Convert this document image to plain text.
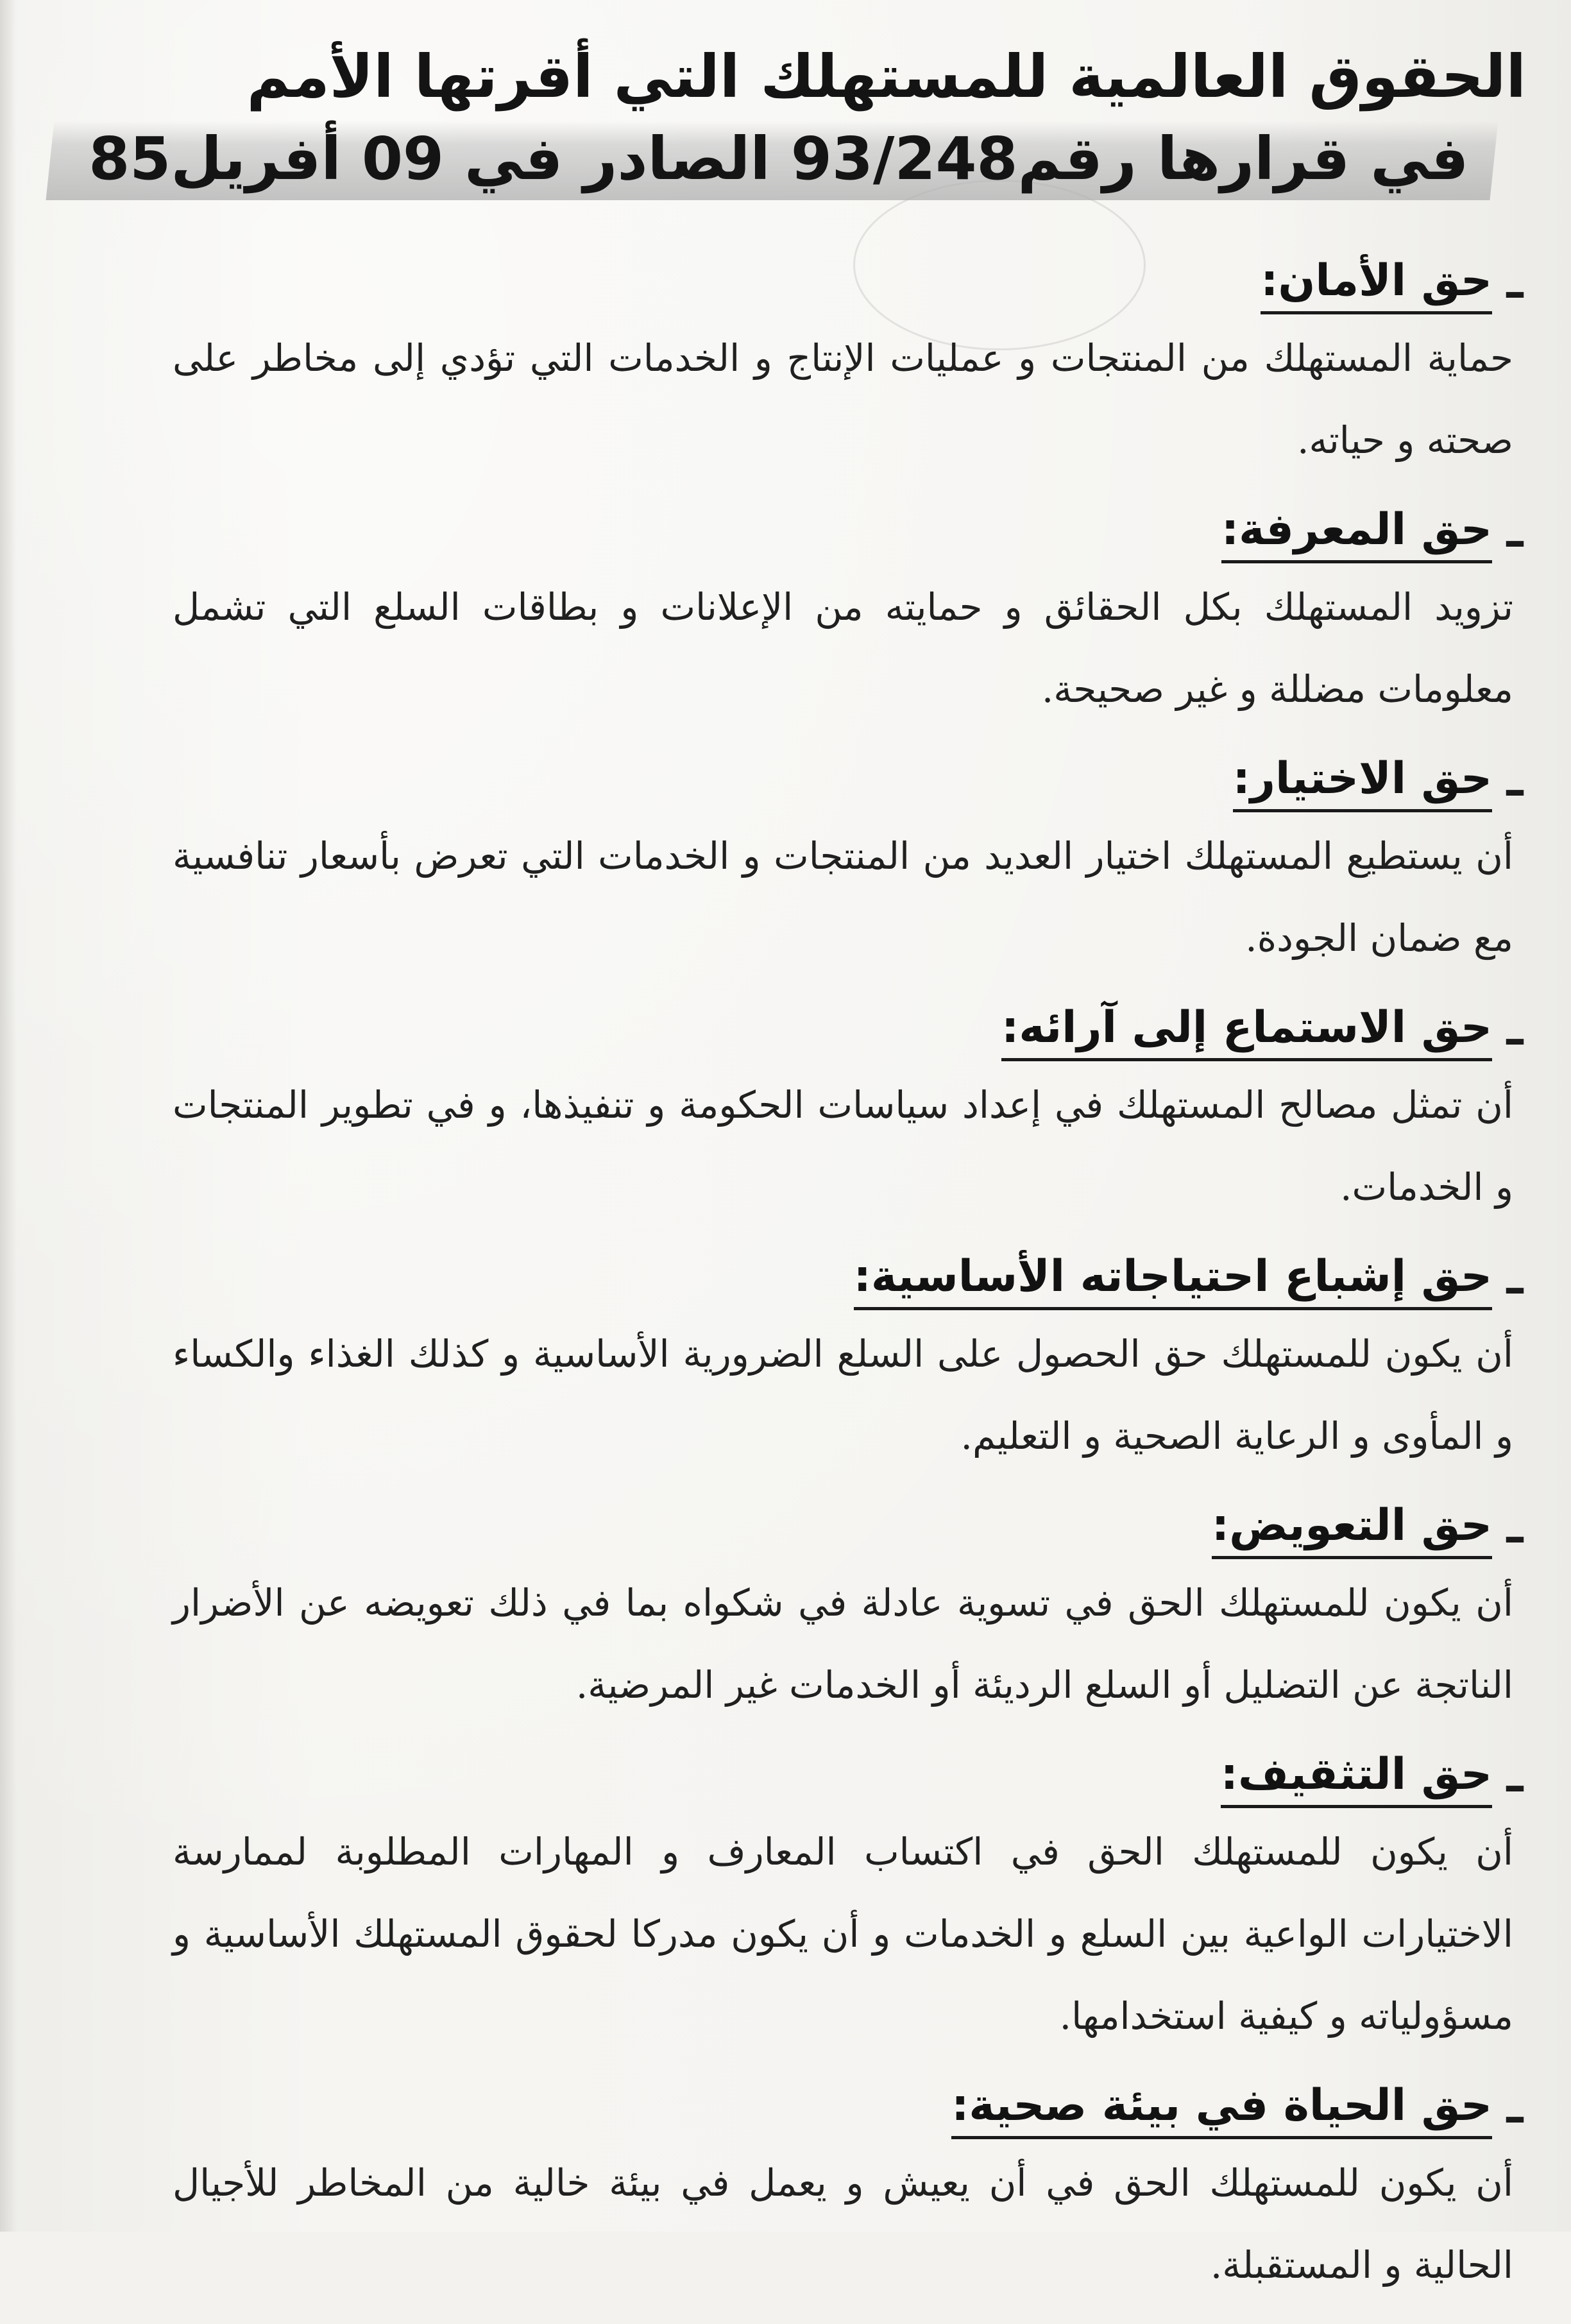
الحقوق العالمية للمستهلك التي أقرتها الأمم
في قرارها رقم93/248 الصادر في 09 أفريل85
–
حق الأمان:
حماية المستهلك من المنتجات و عمليات الإنتاج و الخدمات التي تؤدي إلى مخاطر على صحته و حياته.
–
حق المعرفة:
تزويد المستهلك بكل الحقائق و حمايته من الإعلانات و بطاقات السلع التي تشمل معلومات مضللة و غير صحيحة.
–
حق الاختيار:
أن يستطيع المستهلك اختيار العديد من المنتجات و الخدمات التي تعرض بأسعار تنافسية مع ضمان الجودة.
–
حق الاستماع إلى آرائه:
أن تمثل مصالح المستهلك في إعداد سياسات الحكومة و تنفيذها، و في تطوير المنتجات و الخدمات.
–
حق إشباع احتياجاته الأساسية:
أن يكون للمستهلك حق الحصول على السلع الضرورية الأساسية و كذلك الغذاء والكساء و المأوى و الرعاية الصحية و التعليم.
–
حق التعويض:
أن يكون للمستهلك الحق في تسوية عادلة في شكواه بما في ذلك تعويضه عن الأضرار الناتجة عن التضليل أو السلع الرديئة أو الخدمات غير المرضية.
–
حق التثقيف:
أن يكون للمستهلك الحق في اكتساب المعارف و المهارات المطلوبة لممارسة الاختيارات الواعية بين السلع و الخدمات و أن يكون مدركا لحقوق المستهلك الأساسية و مسؤولياته و كيفية استخدامها.
–
حق الحياة في بيئة صحية:
أن يكون للمستهلك الحق في أن يعيش و يعمل في بيئة خالية من المخاطر للأجيال الحالية و المستقبلة.
